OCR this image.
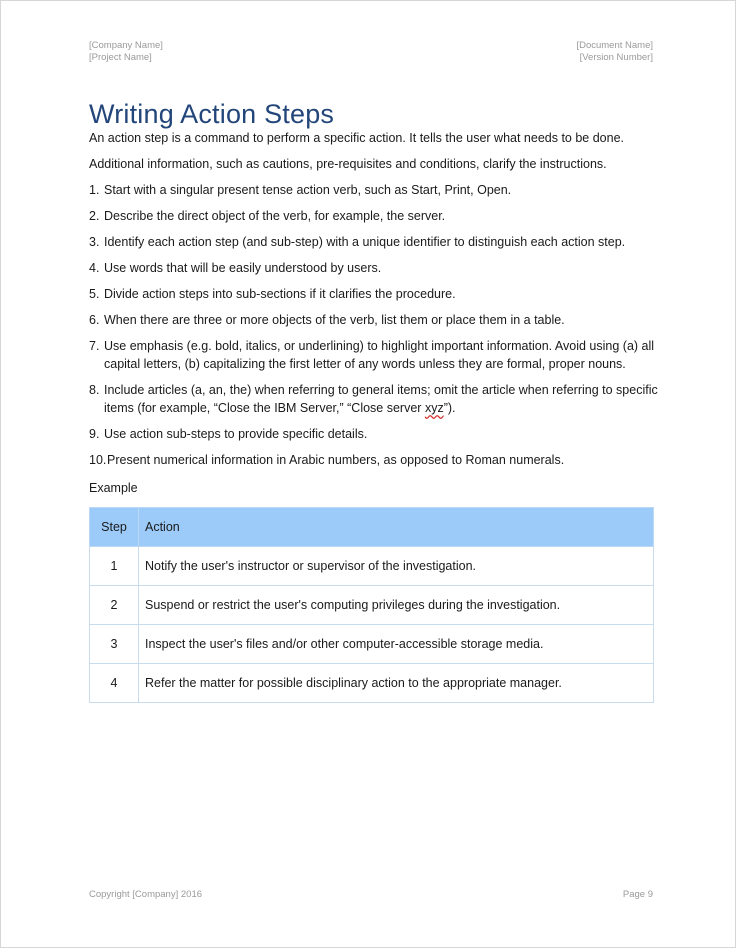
[Company Name]
[Project Name]
[Document Name]
[Version Number]
Writing Action Steps
An action step is a command to perform a specific action. It tells the user what needs to be done.
Additional information, such as cautions, pre-requisites and conditions, clarify the instructions.
1. Start with a singular present tense action verb, such as Start, Print, Open.
2. Describe the direct object of the verb, for example, the server.
3. Identify each action step (and sub-step) with a unique identifier to distinguish each action step.
4. Use words that will be easily understood by users.
5. Divide action steps into sub-sections if it clarifies the procedure.
6. When there are three or more objects of the verb, list them or place them in a table.
7. Use emphasis (e.g. bold, italics, or underlining) to highlight important information. Avoid using (a) all capital letters, (b) capitalizing the first letter of any words unless they are formal, proper nouns.
8. Include articles (a, an, the) when referring to general items; omit the article when referring to specific items (for example, “Close the IBM Server,” “Close server xyz”).
9. Use action sub-steps to provide specific details.
10. Present numerical information in Arabic numbers, as opposed to Roman numerals.
Example
Step	Action
1	Notify the user's instructor or supervisor of the investigation.
2	Suspend or restrict the user's computing privileges during the investigation.
3	Inspect the user's files and/or other computer-accessible storage media.
4	Refer the matter for possible disciplinary action to the appropriate manager.
Copyright [Company] 2016	Page 9
